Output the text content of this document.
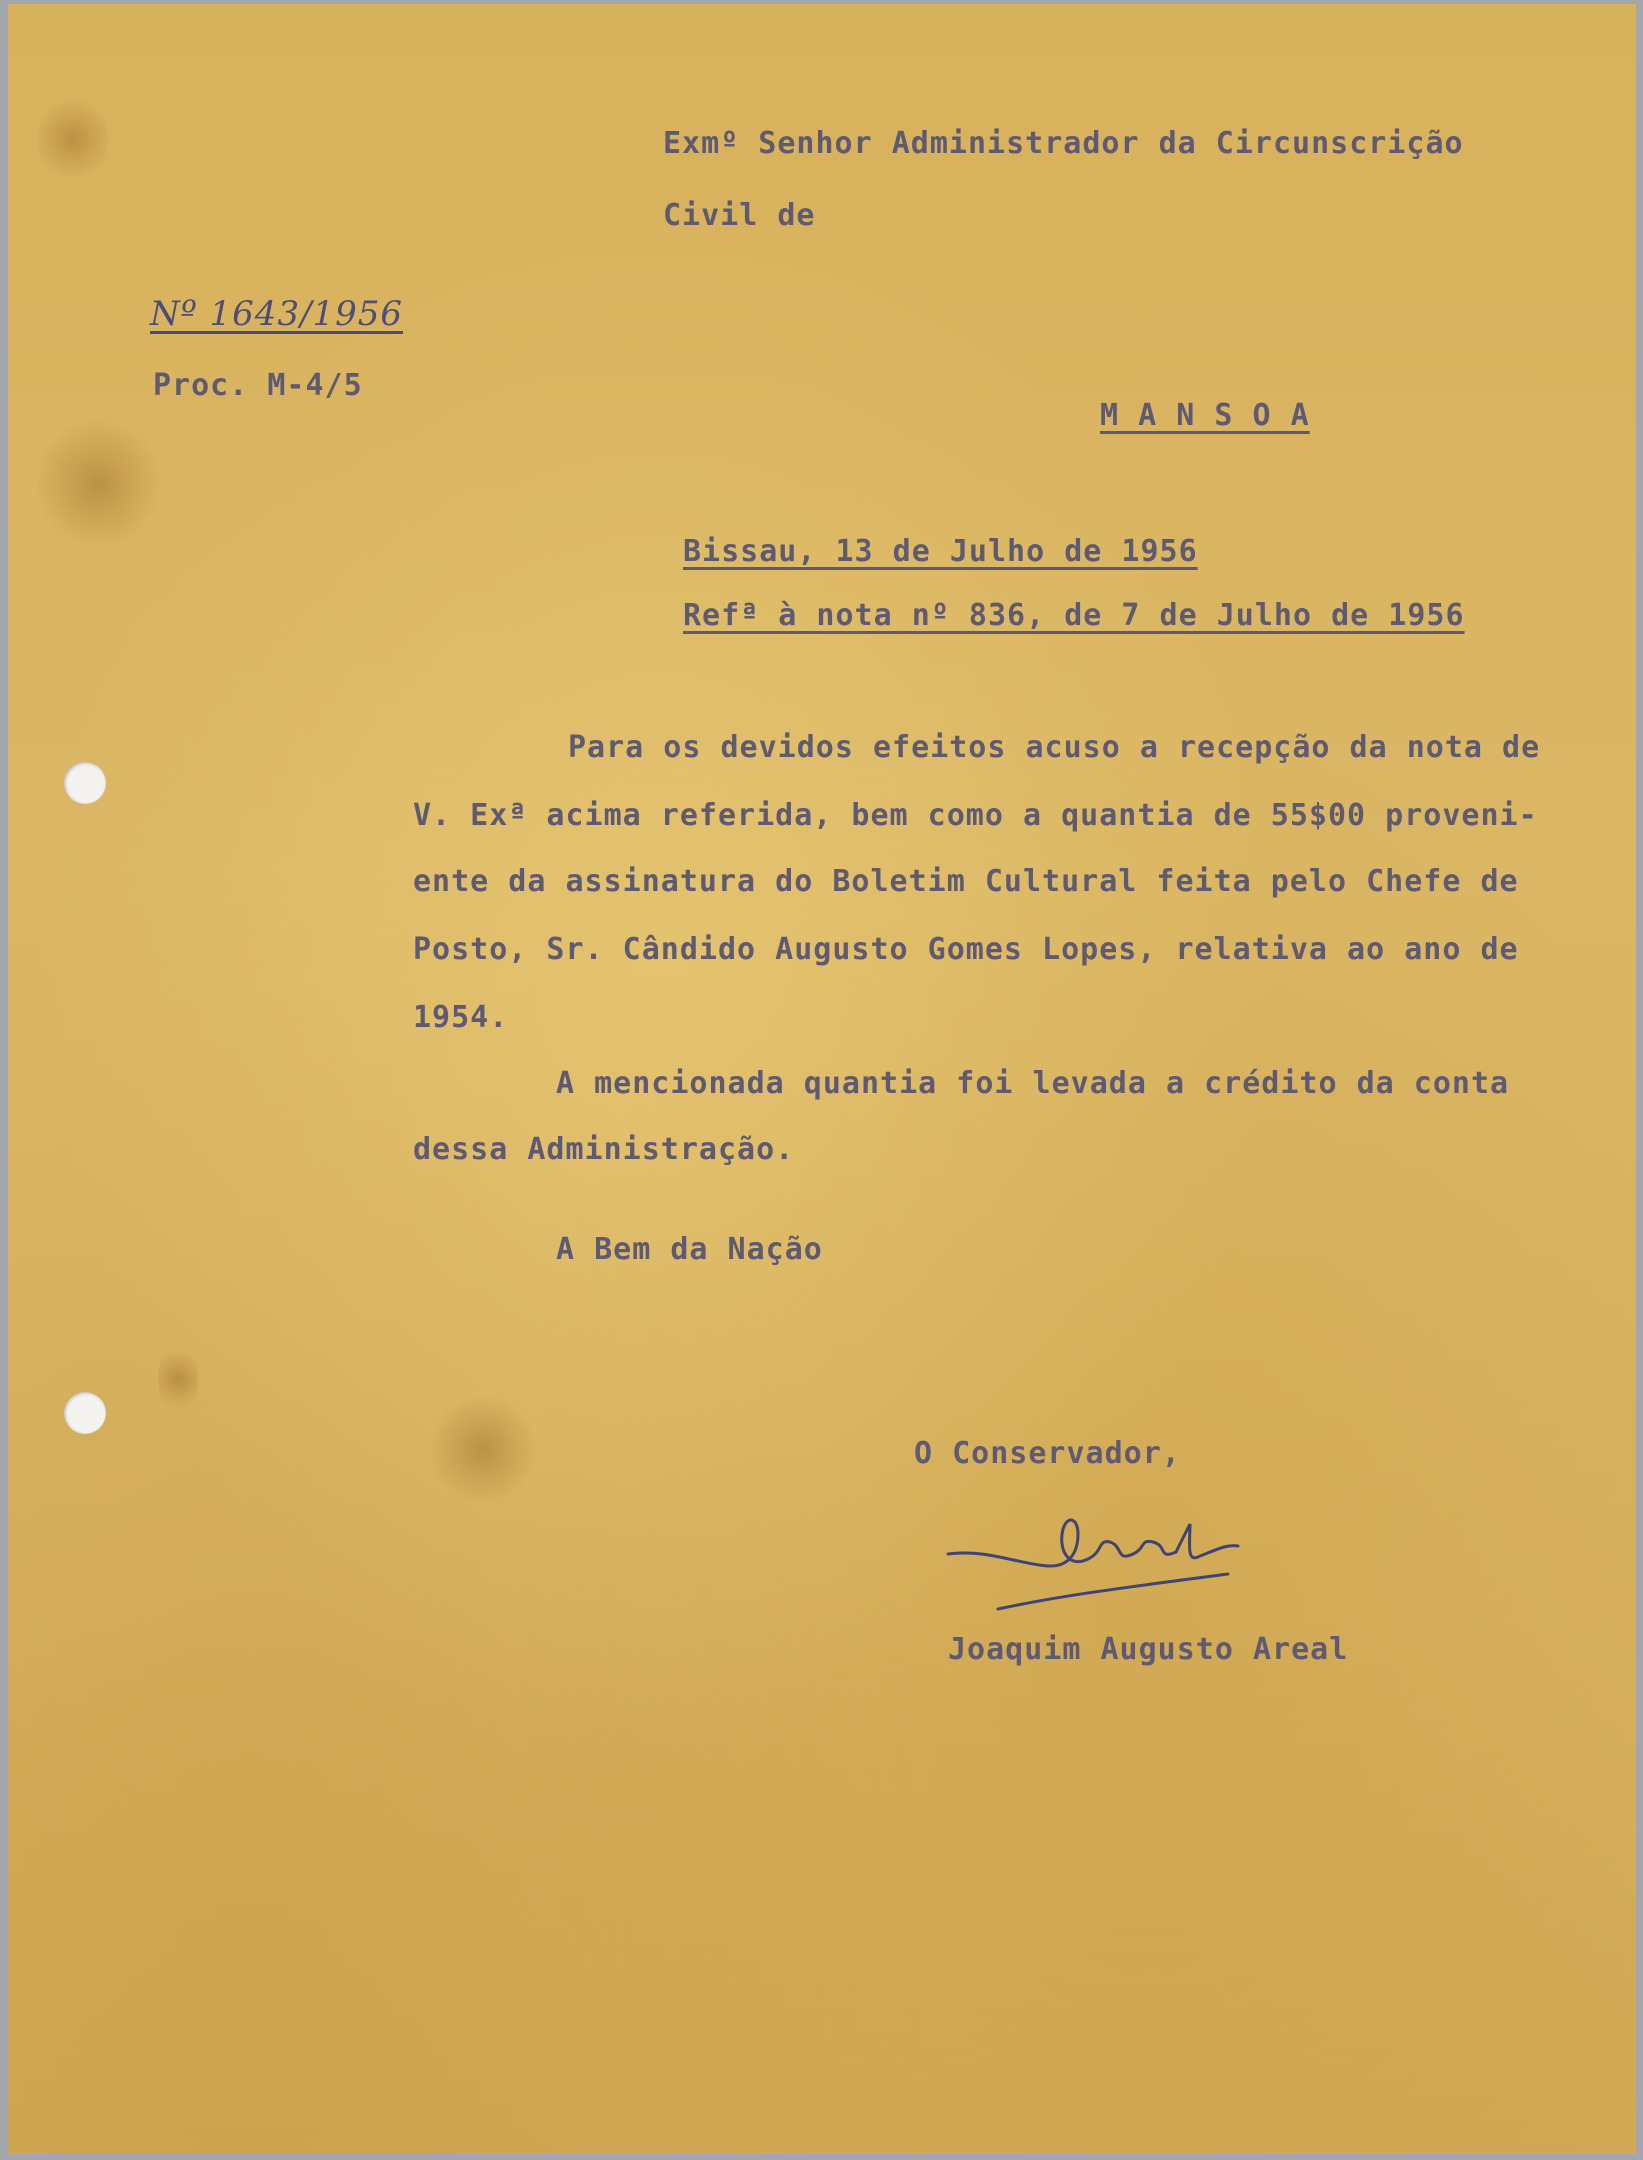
Exmº Senhor Administrador da Circunscrição
Civil de
Nº 1643/1956
Proc. M-4/5
M A N S O A
Bissau, 13 de Julho de 1956
Refª à nota nº 836, de 7 de Julho de 1956
Para os devidos efeitos acuso a recepção da nota de
V. Exª acima referida, bem como a quantia de 55$00 proveni-
ente da assinatura do Boletim Cultural feita pelo Chefe de
Posto, Sr. Cândido Augusto Gomes Lopes, relativa ao ano de
1954.
A mencionada quantia foi levada a crédito da conta
dessa Administração.
A Bem da Nação
O Conservador,
Joaquim Augusto Areal
